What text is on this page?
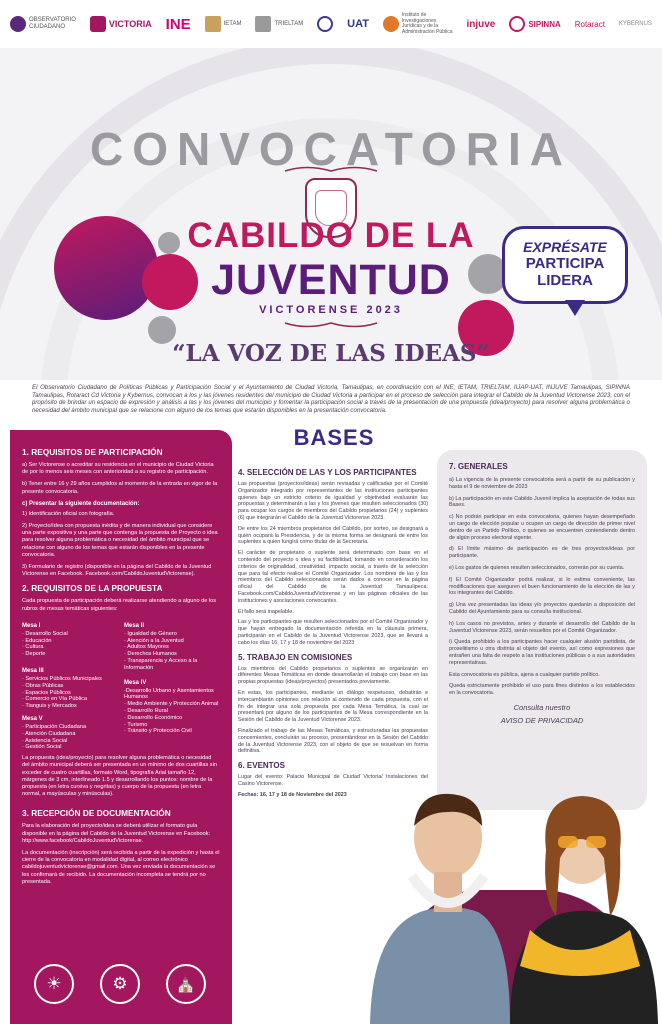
OBSERVATORIO
CIUDADANO	VICTORIA INE	IETAM	TRIELTAM	UAT
Instituto de
Investigaciones
Jurídicas y de la
Administración Pública
injuve	SIPINNA Rotaract KYBERNUS
CONVOCATORIA
CABILDO DE LA
JUVENTUD
VICTORENSE 2023
EXPRÉSATE
PARTICIPA
LIDERA
“LA VOZ DE LAS IDEAS”
El Observatorio Ciudadano de Políticas Públicas y Participación Social y el Ayuntamiento de Ciudad Victoria, Tamaulipas, en coordinación con el INE, IETAM, TRIELTAM, IIJAP-UAT, INJUVE Tamaulipas, SIPINNA Tamaulipas, Rotaract Cd Victoria y Kybernus, convocan a los y las jóvenes residentes del municipio de Ciudad Victoria a participar en el proceso de selección para integrar el Cabildo de la Juventud Victorense 2023, con el propósito de brindar un espacio de expresión y análisis a las y los jóvenes del municipio y fomentar la participación social a través de la presentación de una propuesta (idea/proyecto) para resolver alguna problemática o necesidad del ámbito municipal que se relacione con alguno de los temas que estarán disponibles en la presentación convocatoria.
1. REQUISITOS DE PARTICIPACIÓN

a) Ser Victorense o acreditar su residencia en el municipio de Ciudad Victoria de por lo menos seis meses con anterioridad a su registro de participación.

b) Tener entre 16 y 29 años cumplidos al momento de la entrada en vigor de la presente convocatoria.

c) Presentar la siguiente documentación:

1) Identificación oficial con fotografía.

2) Proyecto/Idea con propuesta inédita y de manera individual que considere una parte expositiva y una parte que contenga la propuesta de Proyecto o idea para resolver alguna problemática o necesidad del ámbito municipal que se relacione con alguno de los temas que estarán disponibles en la presente convocatoria.

3) Formulario de registro (disponible en la página del Cabildo de la Juventud Victorense en Facebook. Facebook.com/CabildoJuventudVictorense).

2. REQUISITOS DE LA PROPUESTA

Cada propuesta de participación deberá realizarse atendiendo a alguno de los rubros de mesas temáticas siguientes:

Mesa I
· Desarrollo Social
· Educación
· Cultura
· Deporte
Mesa III
· Servicios Públicos Municipales
· Obras Públicas
· Espacios Públicos
· Comercio en Vía Pública
· Tianguis y Mercados
Mesa V
· Participación Ciudadana
· Atención Ciudadana
· Asistencia Social
· Gestión Social
Mesa II
· Igualdad de Género
· Atención a la Juventud
· Adultos Mayores
· Derechos Humanos
· Transparencia y Acceso a la Información
Mesa IV
·Desarrollo Urbano y Asentamientos Humanos
· Medio Ambiente y Protección Animal
· Desarrollo Rural
· Desarrollo Económico
· Turismo
· Tránsito y Protección Civil

La propuesta (idea/proyecto) para resolver alguna problemática o necesidad del ámbito municipal deberá ser presentada en un mínimo de dos cuartillas sin exceder de cuatro cuartillas, formato Word, tipografía Arial tamaño 12, márgenes de 3 cm, interlineado 1.5 y desarrollando los puntos: nombre de la propuesta (en letra cursiva y negritas) y cuerpo de la propuesta (en letra normal, a mayúsculas y minúsculas).

3. RECEPCIÓN DE DOCUMENTACIÓN

Para la elaboración del proyecto/idea se deberá utilizar el formato guía disponible en la página del Cabildo de la Juventud Victorense en Facebook: http://www.facebook/CabildoJuventudVictorense.

La documentación (inscripción) será recibida a partir de la expedición y hasta el cierre de la convocatoria en modalidad digital, al correo electrónico cabildojuventudvictorense@gmail.com. Una vez enviada la documentación se les confirmará de recibido. La documentación incompleta se tendrá por no presentada.

☀	⚙	⛪
BASES
4. SELECCIÓN DE LAS Y LOS PARTICIPANTES

Las propuestas (proyectos/ideas) serán revisadas y calificadas por el Comité Organizador integrado por representantes de las instituciones participantes quienes bajo un estricto criterio de igualdad y objetividad evaluarán las propuestas y determinarán a las y los jóvenes que resulten seleccionados (30) para ocupar los cargos de miembros del Cabildo propietarios (24) y suplentes (6) que integrarán el Cabildo de la Juventud Victorense 2023.

De entre los 24 miembros propietarios del Cabildo, por sorteo, se designará a quién ocupará la Presidencia, y de la misma forma se designará de entre los suplentes a quien fungirá como titular de la Secretaría.

El carácter de propietario o suplente será determinado con base en el contenido del proyecto o idea y su factibilidad, tomando en consideración los criterios de originalidad, creatividad, impacto social, a través de la selección que para tal efecto realice el Comité Organizador. Los nombres de las y los miembros del Cabildo seleccionados serán dados a conocer en la página oficial del Cabildo de la Juventud Tamaulipeca: Facebook.com/CabildoJuventudVictorense y en las páginas oficiales de las instituciones y asociaciones convocantes.

El fallo será inapelable.

Las y los participantes que resulten seleccionados por el Comité Organizador y que hayan entregado la documentación referida en la cláusula primera, participarán en el Cabildo de la Juventud Victorense 2023, que se llevará a cabo los días 16, 17 y 18 de noviembre del 2023

5. TRABAJO EN COMISIONES

Los miembros del Cabildo propietarios o suplentes se organizarán en diferentes Mesas Temáticas en donde desarrollarán el trabajo con base en las propias propuestas (ideas/proyectos) presentados previamente.

En estas, los participantes, mediante un diálogo respetuoso, debatirán e intercambiarán opiniones con relación al contenido de cada propuesta, con el fin de integrar una sola propuesta por cada Mesa Temática, la cual se presentará por alguno de los participantes de la Mesa correspondiente en la Sesión del Cabildo de la Juventud Victorense 2023.

Finalizado el trabajo de las Mesas Temáticas, y estructuradas las propuestas concernientes, concluirán su proceso, presentándose en la Sesión del Cabildo de la Juventud Victorense 2023, con el objeto de que se resuelvan en forma definitiva.

6. EVENTOS

Lugar del evento: Palacio Municipal de Ciudad Victoria/ Instalaciones del Casino Victorense.

Fechas: 16, 17 y 18 de Noviembre del 2023

7. GENERALES

a) La vigencia de la presente convocatoria será a partir de su publicación y hasta el 9 de noviembre de 2023

b) La participación en este Cabildo Juvenil implica la aceptación de todas sus Bases.

c) No podrán participar en esta convocatoria, quienes hayan desempeñado un cargo de elección popular u ocupen un cargo de dirección de primer nivel dentro de un Partido Político, o quienes se encuentren contendiendo dentro de algún proceso electoral vigente.

d) El límite máximo de participación es de tres proyectos/ideas por participante.

e) Los gastos de quienes resulten seleccionados, correrán por su cuenta.

f) El Comité Organizador podrá realizar, si lo estima conveniente, las modificaciones que aseguren el buen funcionamiento de la elección de las y los integrantes del Cabildo.

g) Una vez presentadas las ideas y/o proyectos quedarán a disposición del Cabildo del Ayuntamiento para su consulta institucional.

h) Los casos no previstos, antes y durante el desarrollo del Cabildo de la Juventud Victorense 2023, serán resueltos por el Comité Organizador.

i) Queda prohibido a los participantes hacer cualquier alusión partidista, de proselitismo u otra distinta al objeto del evento, así como expresiones que entrañen una falta de respeto a las instituciones públicas o a sus autoridades representativas.

Esta convocatoria es pública, ajena a cualquier partido político.

Queda estrictamente prohibido el uso para fines distintos a los establecidos en la convocatoria.

Consulta nuestro
AVISO DE PRIVACIDAD
